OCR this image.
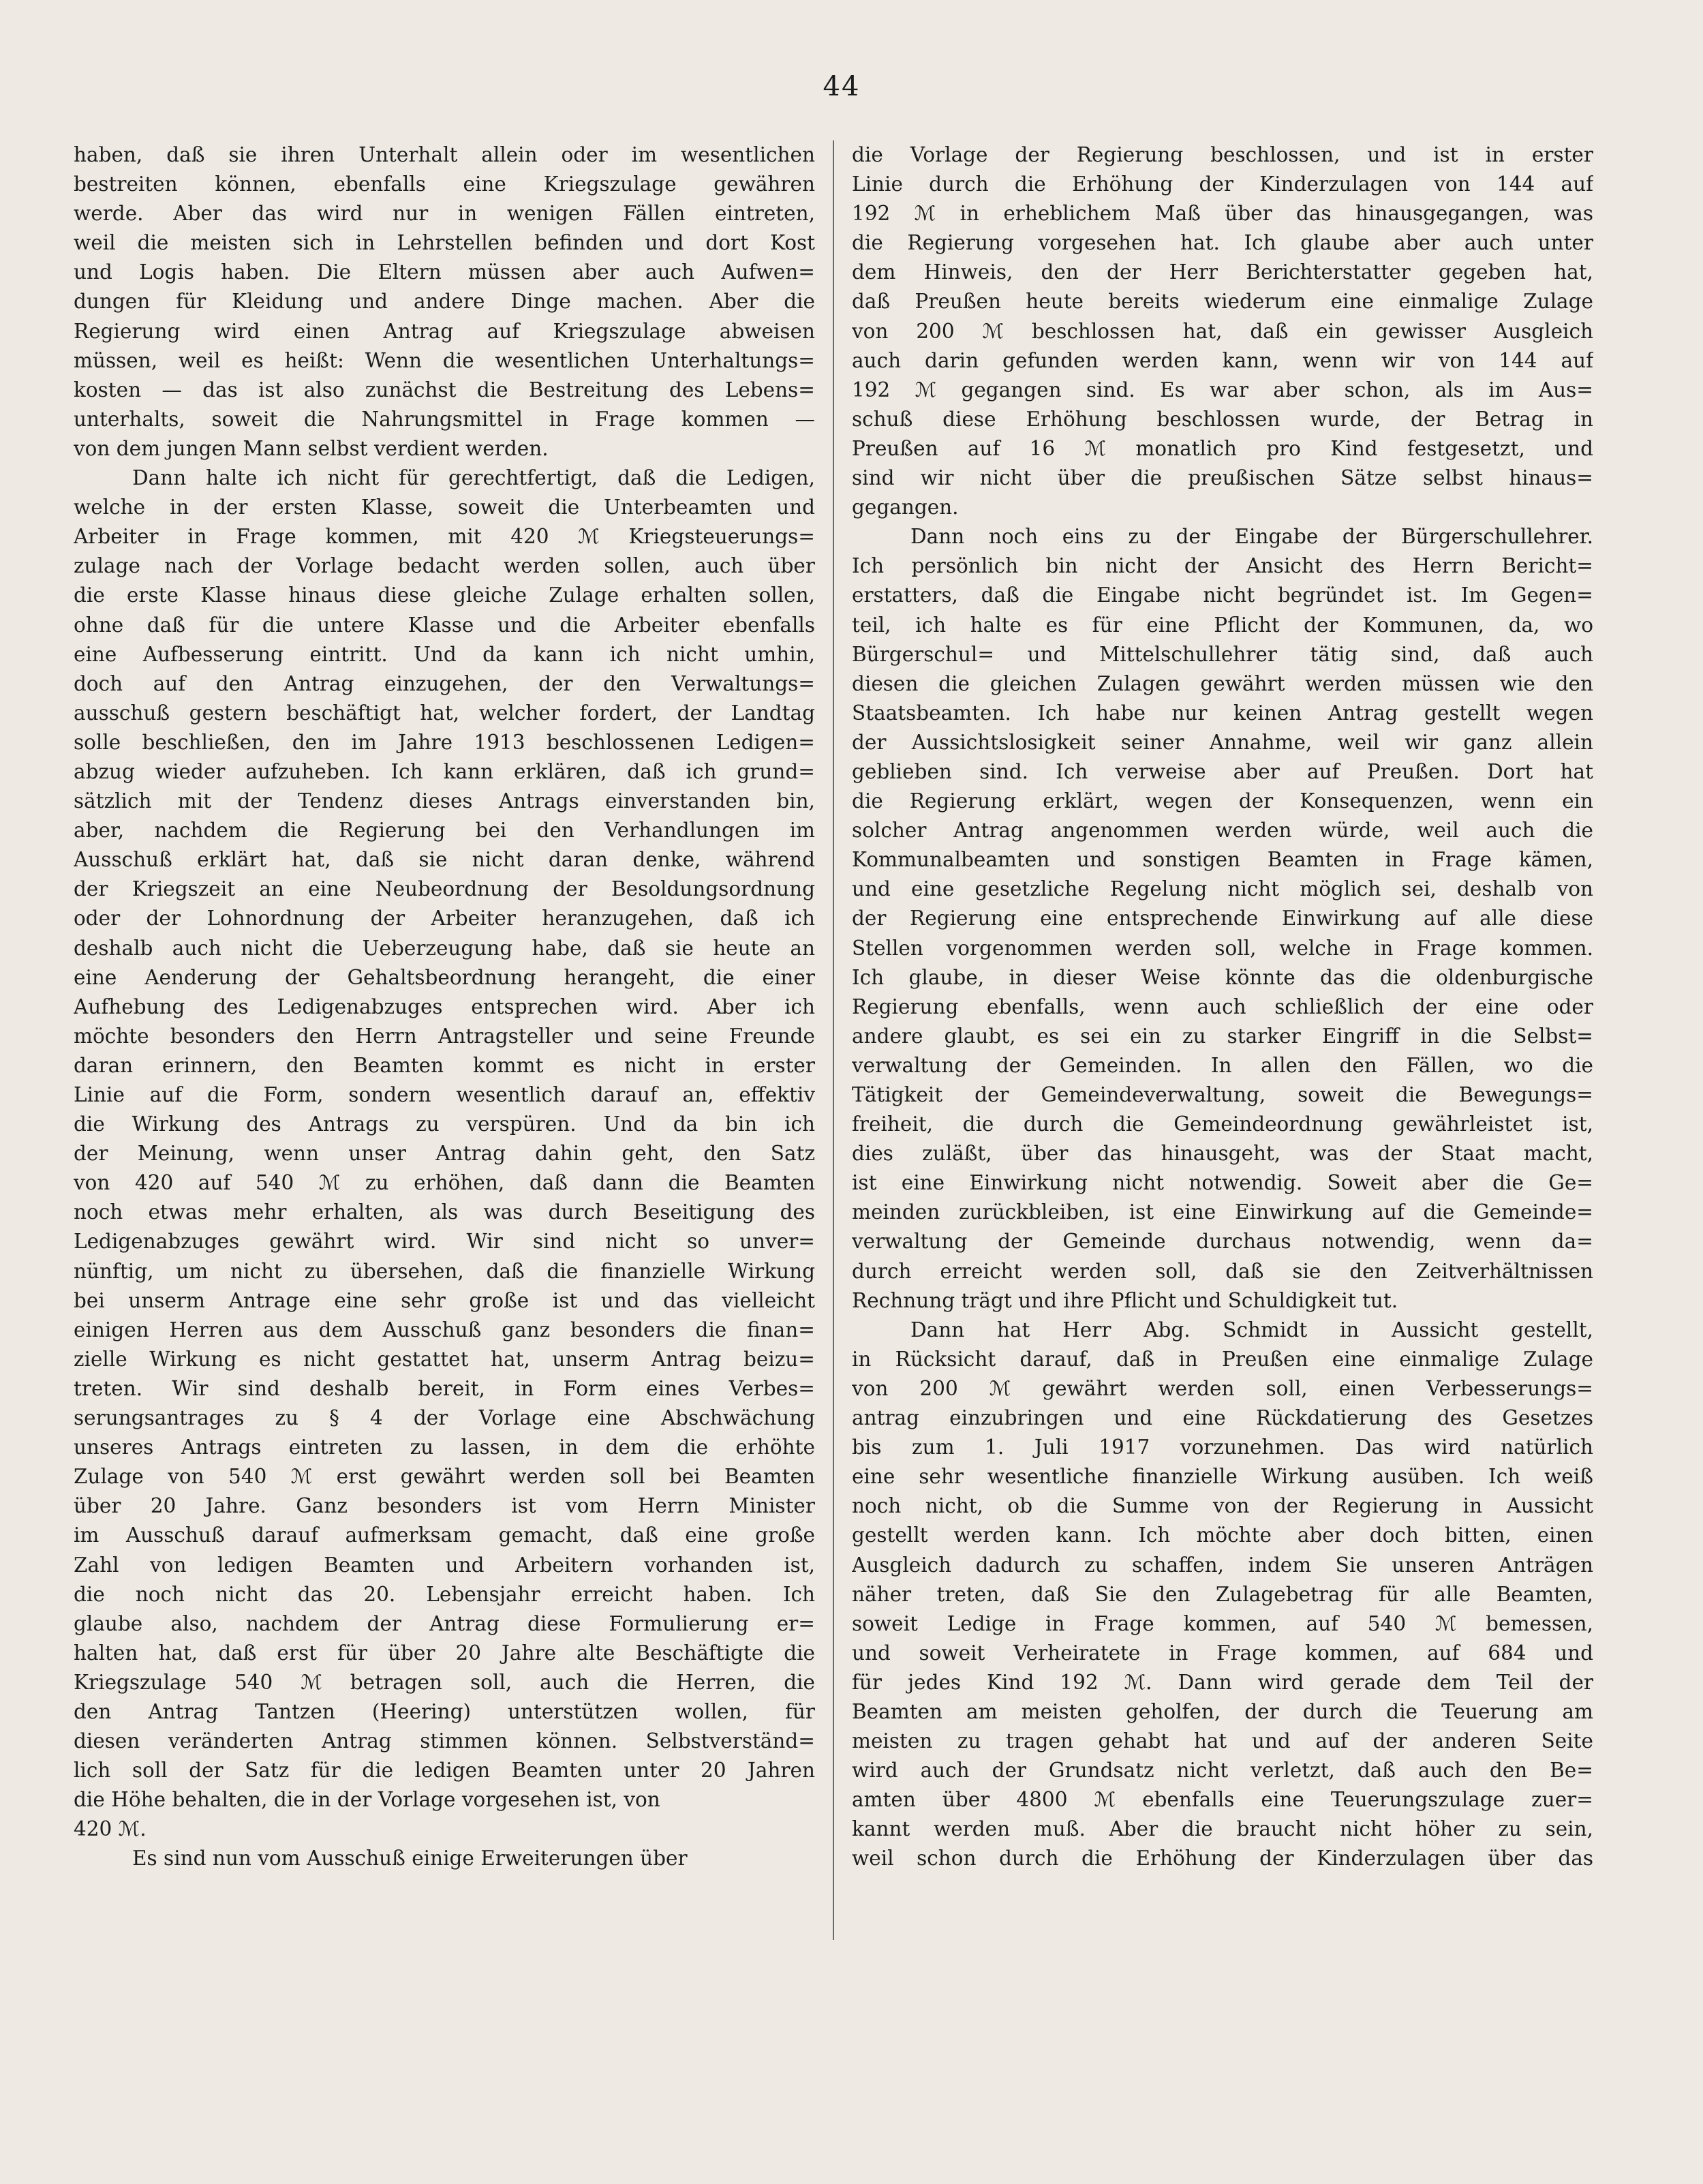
44
haben, daß sie ihren Unterhalt allein oder im wesentlichen
bestreiten können, ebenfalls eine Kriegszulage gewähren
werde. Aber das wird nur in wenigen Fällen eintreten,
weil die meisten sich in Lehrstellen befinden und dort Kost
und Logis haben. Die Eltern müssen aber auch Aufwen=
dungen für Kleidung und andere Dinge machen. Aber die
Regierung wird einen Antrag auf Kriegszulage abweisen
müssen, weil es heißt: Wenn die wesentlichen Unterhaltungs=
kosten — das ist also zunächst die Bestreitung des Lebens=
unterhalts, soweit die Nahrungsmittel in Frage kommen —
von dem jungen Mann selbst verdient werden.
Dann halte ich nicht für gerechtfertigt, daß die Ledigen,
welche in der ersten Klasse, soweit die Unterbeamten und
Arbeiter in Frage kommen, mit 420 ℳ Kriegsteuerungs=
zulage nach der Vorlage bedacht werden sollen, auch über
die erste Klasse hinaus diese gleiche Zulage erhalten sollen,
ohne daß für die untere Klasse und die Arbeiter ebenfalls
eine Aufbesserung eintritt. Und da kann ich nicht umhin,
doch auf den Antrag einzugehen, der den Verwaltungs=
ausschuß gestern beschäftigt hat, welcher fordert, der Landtag
solle beschließen, den im Jahre 1913 beschlossenen Ledigen=
abzug wieder aufzuheben. Ich kann erklären, daß ich grund=
sätzlich mit der Tendenz dieses Antrags einverstanden bin,
aber, nachdem die Regierung bei den Verhandlungen im
Ausschuß erklärt hat, daß sie nicht daran denke, während
der Kriegszeit an eine Neubeordnung der Besoldungsordnung
oder der Lohnordnung der Arbeiter heranzugehen, daß ich
deshalb auch nicht die Ueberzeugung habe, daß sie heute an
eine Aenderung der Gehaltsbeordnung herangeht, die einer
Aufhebung des Ledigenabzuges entsprechen wird. Aber ich
möchte besonders den Herrn Antragsteller und seine Freunde
daran erinnern, den Beamten kommt es nicht in erster
Linie auf die Form, sondern wesentlich darauf an, effektiv
die Wirkung des Antrags zu verspüren. Und da bin ich
der Meinung, wenn unser Antrag dahin geht, den Satz
von 420 auf 540 ℳ zu erhöhen, daß dann die Beamten
noch etwas mehr erhalten, als was durch Beseitigung des
Ledigenabzuges gewährt wird. Wir sind nicht so unver=
nünftig, um nicht zu übersehen, daß die finanzielle Wirkung
bei unserm Antrage eine sehr große ist und das vielleicht
einigen Herren aus dem Ausschuß ganz besonders die finan=
zielle Wirkung es nicht gestattet hat, unserm Antrag beizu=
treten. Wir sind deshalb bereit, in Form eines Verbes=
serungsantrages zu § 4 der Vorlage eine Abschwächung
unseres Antrags eintreten zu lassen, in dem die erhöhte
Zulage von 540 ℳ erst gewährt werden soll bei Beamten
über 20 Jahre. Ganz besonders ist vom Herrn Minister
im Ausschuß darauf aufmerksam gemacht, daß eine große
Zahl von ledigen Beamten und Arbeitern vorhanden ist,
die noch nicht das 20. Lebensjahr erreicht haben. Ich
glaube also, nachdem der Antrag diese Formulierung er=
halten hat, daß erst für über 20 Jahre alte Beschäftigte die
Kriegszulage 540 ℳ betragen soll, auch die Herren, die
den Antrag Tantzen (Heering) unterstützen wollen, für
diesen veränderten Antrag stimmen können. Selbstverständ=
lich soll der Satz für die ledigen Beamten unter 20 Jahren
die Höhe behalten, die in der Vorlage vorgesehen ist, von
420 ℳ.
Es sind nun vom Ausschuß einige Erweiterungen über
die Vorlage der Regierung beschlossen, und ist in erster
Linie durch die Erhöhung der Kinderzulagen von 144 auf
192 ℳ in erheblichem Maß über das hinausgegangen, was
die Regierung vorgesehen hat. Ich glaube aber auch unter
dem Hinweis, den der Herr Berichterstatter gegeben hat,
daß Preußen heute bereits wiederum eine einmalige Zulage
von 200 ℳ beschlossen hat, daß ein gewisser Ausgleich
auch darin gefunden werden kann, wenn wir von 144 auf
192 ℳ gegangen sind. Es war aber schon, als im Aus=
schuß diese Erhöhung beschlossen wurde, der Betrag in
Preußen auf 16 ℳ monatlich pro Kind festgesetzt, und
sind wir nicht über die preußischen Sätze selbst hinaus=
gegangen.
Dann noch eins zu der Eingabe der Bürgerschullehrer.
Ich persönlich bin nicht der Ansicht des Herrn Bericht=
erstatters, daß die Eingabe nicht begründet ist. Im Gegen=
teil, ich halte es für eine Pflicht der Kommunen, da, wo
Bürgerschul= und Mittelschullehrer tätig sind, daß auch
diesen die gleichen Zulagen gewährt werden müssen wie den
Staatsbeamten. Ich habe nur keinen Antrag gestellt wegen
der Aussichtslosigkeit seiner Annahme, weil wir ganz allein
geblieben sind. Ich verweise aber auf Preußen. Dort hat
die Regierung erklärt, wegen der Konsequenzen, wenn ein
solcher Antrag angenommen werden würde, weil auch die
Kommunalbeamten und sonstigen Beamten in Frage kämen,
und eine gesetzliche Regelung nicht möglich sei, deshalb von
der Regierung eine entsprechende Einwirkung auf alle diese
Stellen vorgenommen werden soll, welche in Frage kommen.
Ich glaube, in dieser Weise könnte das die oldenburgische
Regierung ebenfalls, wenn auch schließlich der eine oder
andere glaubt, es sei ein zu starker Eingriff in die Selbst=
verwaltung der Gemeinden. In allen den Fällen, wo die
Tätigkeit der Gemeindeverwaltung, soweit die Bewegungs=
freiheit, die durch die Gemeindeordnung gewährleistet ist,
dies zuläßt, über das hinausgeht, was der Staat macht,
ist eine Einwirkung nicht notwendig. Soweit aber die Ge=
meinden zurückbleiben, ist eine Einwirkung auf die Gemeinde=
verwaltung der Gemeinde durchaus notwendig, wenn da=
durch erreicht werden soll, daß sie den Zeitverhältnissen
Rechnung trägt und ihre Pflicht und Schuldigkeit tut.
Dann hat Herr Abg. Schmidt in Aussicht gestellt,
in Rücksicht darauf, daß in Preußen eine einmalige Zulage
von 200 ℳ gewährt werden soll, einen Verbesserungs=
antrag einzubringen und eine Rückdatierung des Gesetzes
bis zum 1. Juli 1917 vorzunehmen. Das wird natürlich
eine sehr wesentliche finanzielle Wirkung ausüben. Ich weiß
noch nicht, ob die Summe von der Regierung in Aussicht
gestellt werden kann. Ich möchte aber doch bitten, einen
Ausgleich dadurch zu schaffen, indem Sie unseren Anträgen
näher treten, daß Sie den Zulagebetrag für alle Beamten,
soweit Ledige in Frage kommen, auf 540 ℳ bemessen,
und soweit Verheiratete in Frage kommen, auf 684 und
für jedes Kind 192 ℳ. Dann wird gerade dem Teil der
Beamten am meisten geholfen, der durch die Teuerung am
meisten zu tragen gehabt hat und auf der anderen Seite
wird auch der Grundsatz nicht verletzt, daß auch den Be=
amten über 4800 ℳ ebenfalls eine Teuerungszulage zuer=
kannt werden muß. Aber die braucht nicht höher zu sein,
weil schon durch die Erhöhung der Kinderzulagen über das
